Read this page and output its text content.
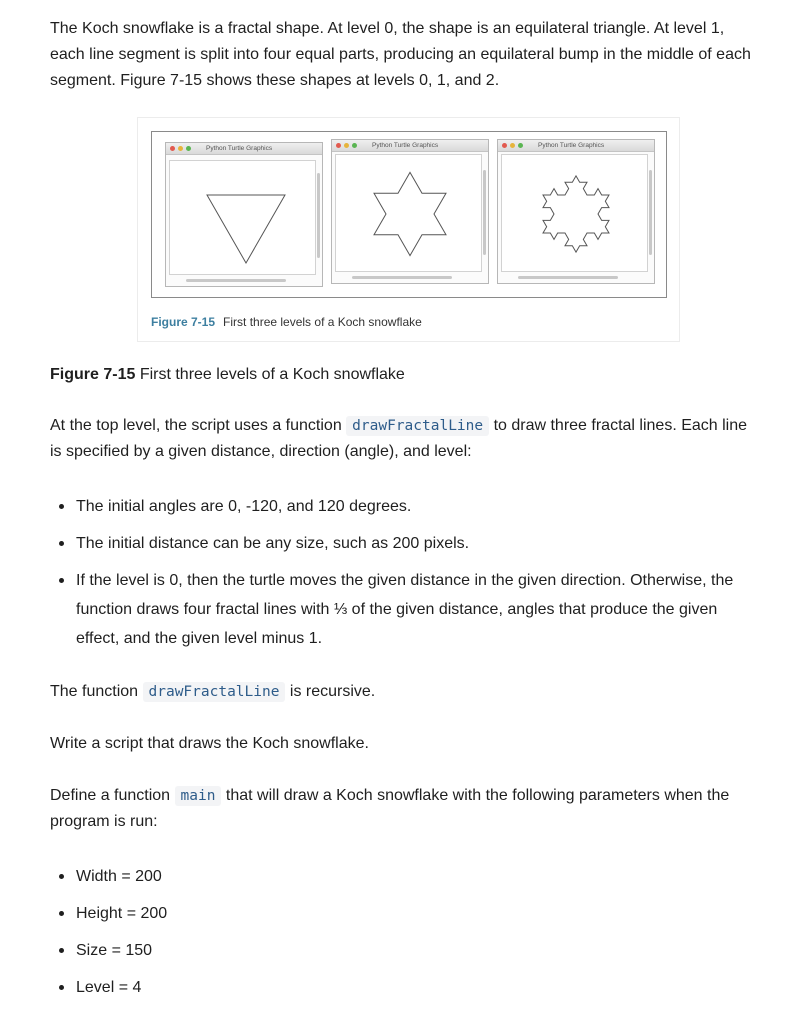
The Koch snowflake is a fractal shape. At level 0, the shape is an equilateral triangle. At level 1, each line segment is split into four equal parts, producing an equilateral bump in the middle of each segment. Figure 7-15 shows these shapes at levels 0, 1, and 2.

Python Turtle Graphics	Python Turtle Graphics	Python Turtle Graphics
Figure 7-15 First three levels of a Koch snowflake
Figure 7-15 First three levels of a Koch snowflake

At the top level, the script uses a function drawFractalLine to draw three fractal lines. Each line is specified by a given distance, direction (angle), and level:

The initial angles are 0, -120, and 120 degrees.
The initial distance can be any size, such as 200 pixels.
If the level is 0, then the turtle moves the given distance in the given direction. Otherwise, the function draws four fractal lines with ⅓ of the given distance, angles that produce the given effect, and the given level minus 1.

The function drawFractalLine is recursive.

Write a script that draws the Koch snowflake.

Define a function main that will draw a Koch snowflake with the following parameters when the program is run:

Width = 200
Height = 200
Size = 150
Level = 4
